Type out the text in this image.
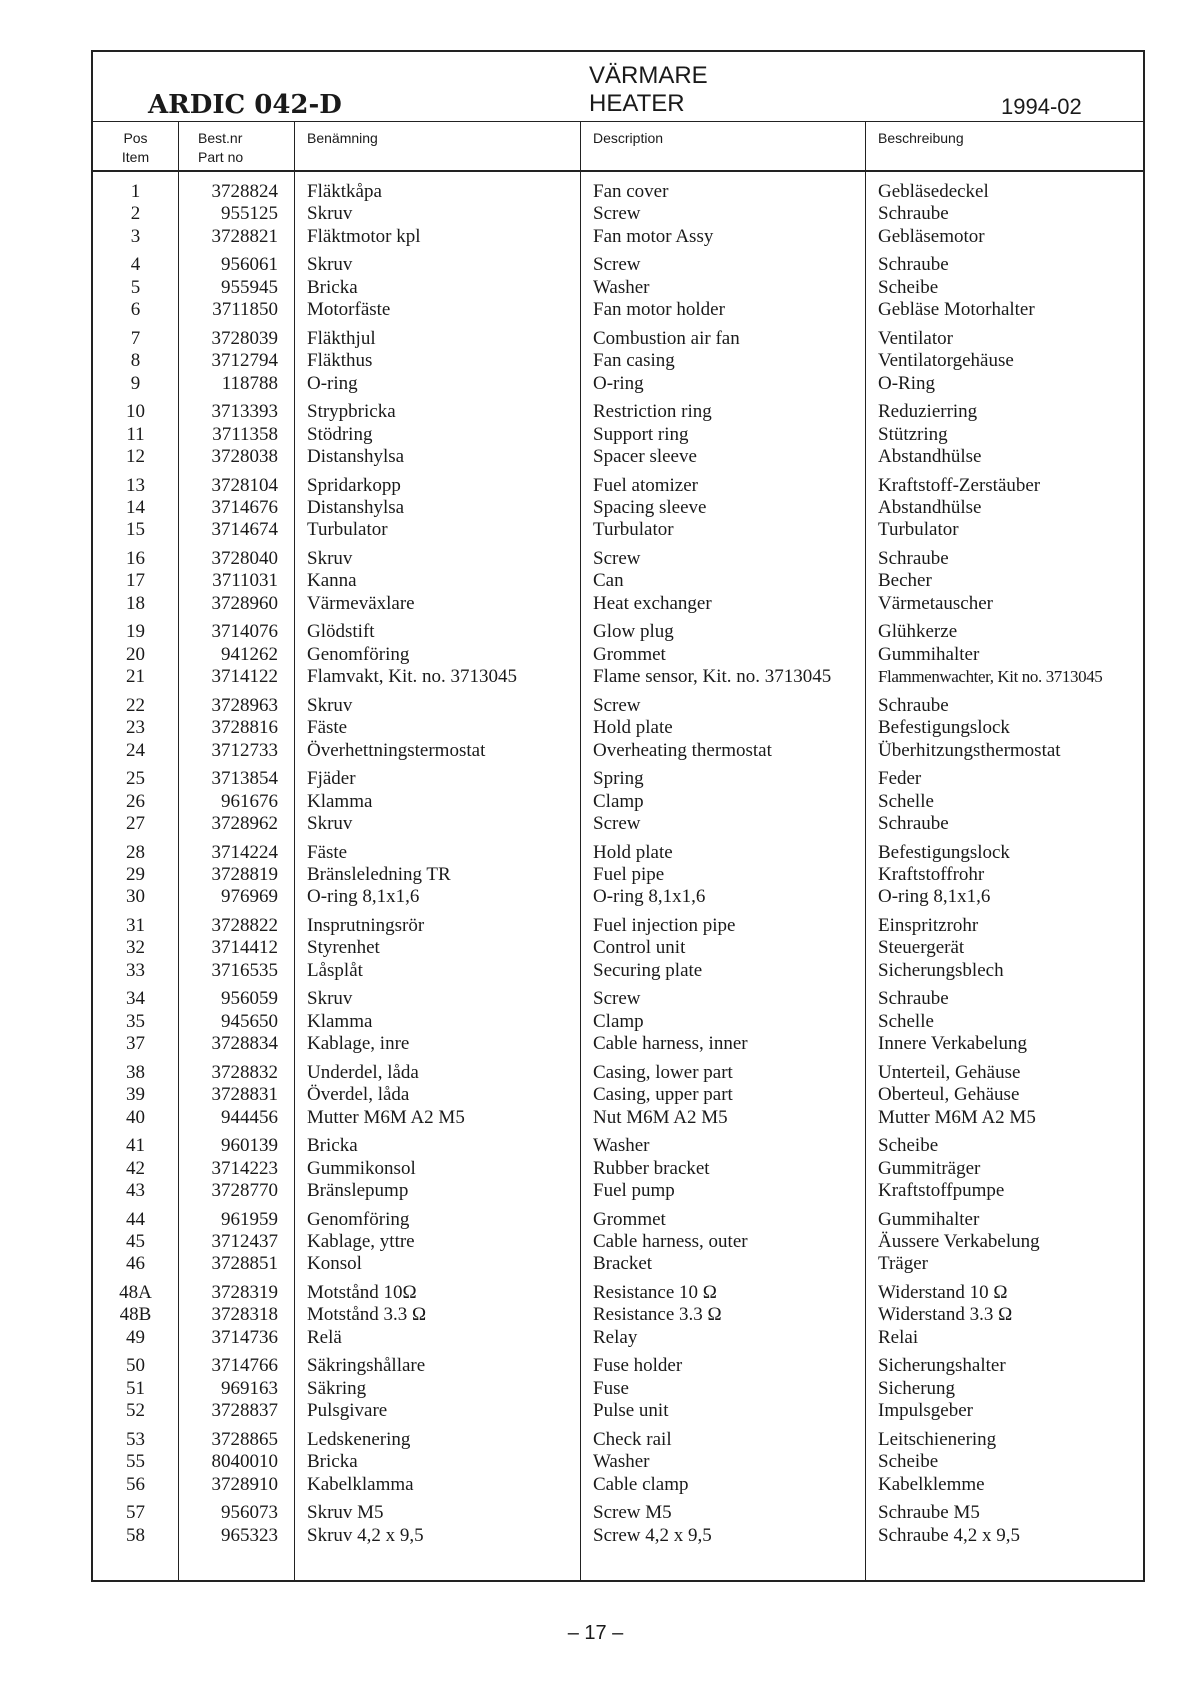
ARDIC 042-D
VÄRMARE
HEATER	1994-02
Pos
Item
Best.nr
Part no
Benämning	Description	Beschreibung
1	3728824 Fläktkåpa	Fan cover	Gebläsedeckel
2	955125 Skruv	Screw	Schraube
3	3728821 Fläktmotor kpl	Fan motor Assy	Gebläsemotor
4	956061 Skruv	Screw	Schraube
5	955945 Bricka	Washer	Scheibe
6	3711850 Motorfäste	Fan motor holder	Gebläse Motorhalter
7	3728039 Fläkthjul	Combustion air fan	Ventilator
8	3712794 Fläkthus	Fan casing	Ventilatorgehäuse
9	118788 O-ring	O-ring	O-Ring
10	3713393 Strypbricka	Restriction ring	Reduzierring
11	3711358 Stödring	Support ring	Stützring
12	3728038 Distanshylsa	Spacer sleeve	Abstandhülse
13	3728104 Spridarkopp	Fuel atomizer	Kraftstoff-Zerstäuber
14	3714676 Distanshylsa	Spacing sleeve	Abstandhülse
15	3714674 Turbulator	Turbulator	Turbulator
16	3728040 Skruv	Screw	Schraube
17	3711031 Kanna	Can	Becher
18	3728960 Värmeväxlare	Heat exchanger	Värmetauscher
19	3714076 Glödstift	Glow plug	Glühkerze
20	941262 Genomföring	Grommet	Gummihalter
21	3714122 Flamvakt, Kit. no. 3713045	Flame sensor, Kit. no. 3713045	Flammenwachter, Kit no. 3713045
22	3728963 Skruv	Screw	Schraube
23	3728816 Fäste	Hold plate	Befestigungslock
24	3712733 Överhettningstermostat	Overheating thermostat	Überhitzungsthermostat
25	3713854 Fjäder	Spring	Feder
26	961676 Klamma	Clamp	Schelle
27	3728962 Skruv	Screw	Schraube
28	3714224 Fäste	Hold plate	Befestigungslock
29	3728819 Bränsleledning TR	Fuel pipe	Kraftstoffrohr
30	976969 O-ring 8,1x1,6	O-ring 8,1x1,6	O-ring 8,1x1,6
31	3728822 Insprutningsrör	Fuel injection pipe	Einspritzrohr
32	3714412 Styrenhet	Control unit	Steuergerät
33	3716535 Låsplåt	Securing plate	Sicherungsblech
34	956059 Skruv	Screw	Schraube
35	945650 Klamma	Clamp	Schelle
37	3728834 Kablage, inre	Cable harness, inner	Innere Verkabelung
38	3728832 Underdel, låda	Casing, lower part	Unterteil, Gehäuse
39	3728831 Överdel, låda	Casing, upper part	Oberteul, Gehäuse
40	944456 Mutter M6M A2 M5	Nut M6M A2 M5	Mutter M6M A2 M5
41	960139 Bricka	Washer	Scheibe
42	3714223 Gummikonsol	Rubber bracket	Gummiträger
43	3728770 Bränslepump	Fuel pump	Kraftstoffpumpe
44	961959 Genomföring	Grommet	Gummihalter
45	3712437 Kablage, yttre	Cable harness, outer	Äussere Verkabelung
46	3728851 Konsol	Bracket	Träger
48A	3728319 Motstånd 10Ω	Resistance 10 Ω	Widerstand 10 Ω
48B	3728318 Motstånd 3.3 Ω	Resistance 3.3 Ω	Widerstand 3.3 Ω
49	3714736 Relä	Relay	Relai
50	3714766 Säkringshållare	Fuse holder	Sicherungshalter
51	969163 Säkring	Fuse	Sicherung
52	3728837 Pulsgivare	Pulse unit	Impulsgeber
53	3728865 Ledskenering	Check rail	Leitschienering
55	8040010 Bricka	Washer	Scheibe
56	3728910 Kabelklamma	Cable clamp	Kabelklemme
57	956073 Skruv M5	Screw M5	Schraube M5
58	965323 Skruv 4,2 x 9,5	Screw 4,2 x 9,5	Schraube 4,2 x 9,5
– 17 –
